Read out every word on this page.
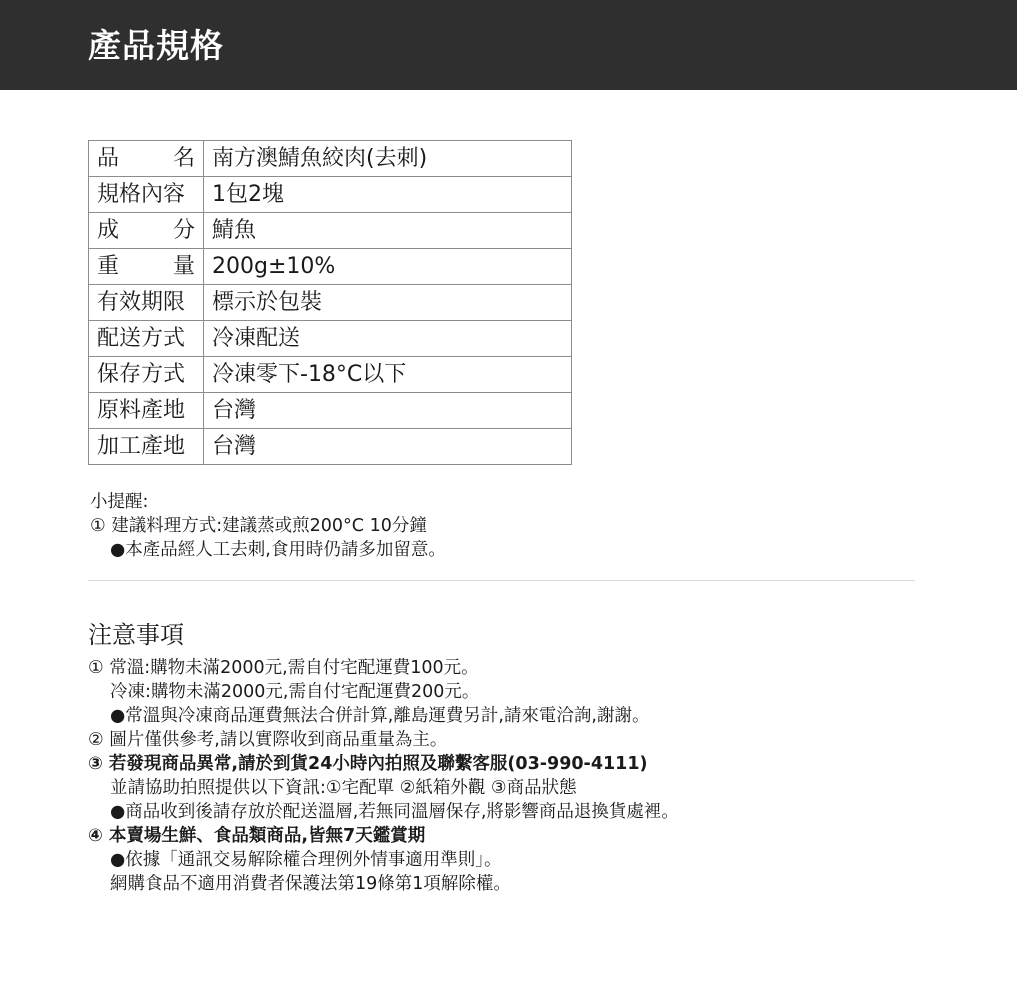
產品規格
品 名	南方澳鯖魚絞肉(去刺)

規格內容	1包2塊

成 分	鯖魚

重 量	200g±10%

有效期限	標示於包裝

配送方式	冷凍配送

保存方式	冷凍零下-18°C以下

原料產地	台灣

加工產地	台灣
小提醒:
① 建議料理方式:建議蒸或煎200°C 10分鐘
●本產品經人工去刺,食用時仍請多加留意。
注意事項
① 常溫:購物未滿2000元,需自付宅配運費100元。
冷凍:購物未滿2000元,需自付宅配運費200元。
●常溫與冷凍商品運費無法合併計算,離島運費另計,請來電洽詢,謝謝。
② 圖片僅供參考,請以實際收到商品重量為主。
③ 若發現商品異常,請於到貨24小時內拍照及聯繫客服(03-990-4111)
並請協助拍照提供以下資訊:①宅配單 ②紙箱外觀 ③商品狀態
●商品收到後請存放於配送溫層,若無同溫層保存,將影響商品退換貨處裡。
④ 本賣場生鮮、食品類商品,皆無7天鑑賞期
●依據「通訊交易解除權合理例外情事適用準則」。
網購食品不適用消費者保護法第19條第1項解除權。
